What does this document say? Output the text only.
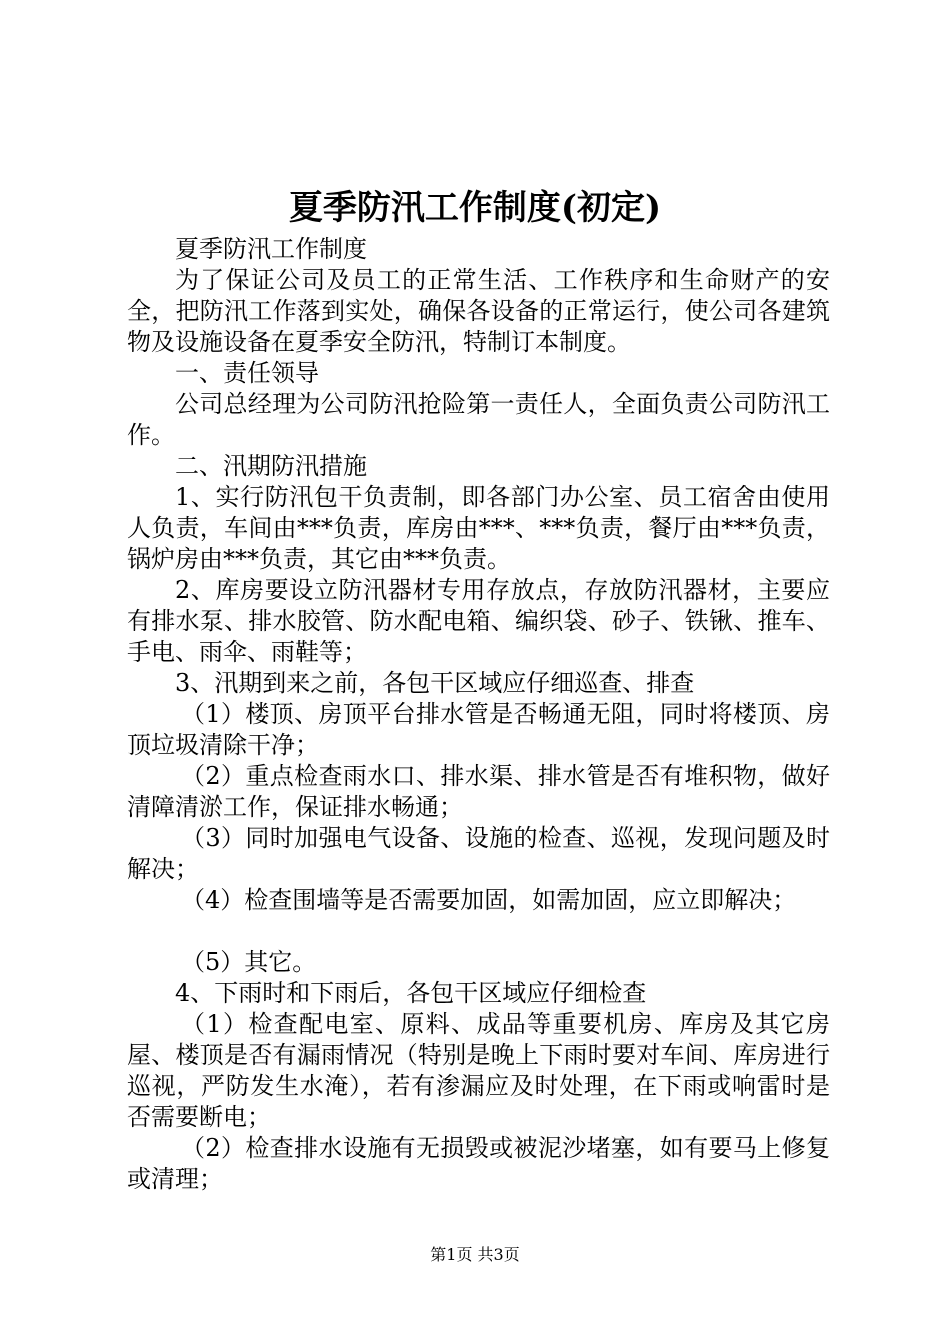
夏季防汛工作制度(初定)

夏季防汛工作制度

为了保证公司及员工的正常生活、工作秩序和生命财产的安全，把防汛工作落到实处，确保各设备的正常运行，使公司各建筑物及设施设备在夏季安全防汛，特制订本制度。

一、责任领导

公司总经理为公司防汛抢险第一责任人，全面负责公司防汛工作。

二、汛期防汛措施

1、实行防汛包干负责制，即各部门办公室、员工宿舍由使用人负责，车间由***负责，库房由***、***负责，餐厅由***负责，锅炉房由***负责，其它由***负责。

2、库房要设立防汛器材专用存放点，存放防汛器材，主要应有排水泵、排水胶管、防水配电箱、编织袋、砂子、铁锹、推车、手电、雨伞、雨鞋等；

3、汛期到来之前，各包干区域应仔细巡查、排查

（1）楼顶、房顶平台排水管是否畅通无阻，同时将楼顶、房顶垃圾清除干净；

（2）重点检查雨水口、排水渠、排水管是否有堆积物，做好清障清淤工作，保证排水畅通；

（3）同时加强电气设备、设施的检查、巡视，发现问题及时解决；

（4）检查围墙等是否需要加固，如需加固，应立即解决；

（5）其它。

4、下雨时和下雨后，各包干区域应仔细检查

（1）检查配电室、原料、成品等重要机房、库房及其它房屋、楼顶是否有漏雨情况（特别是晚上下雨时要对车间、库房进行巡视，严防发生水淹），若有渗漏应及时处理，在下雨或响雷时是否需要断电；

（2）检查排水设施有无损毁或被泥沙堵塞，如有要马上修复或清理；

第1页 共3页
